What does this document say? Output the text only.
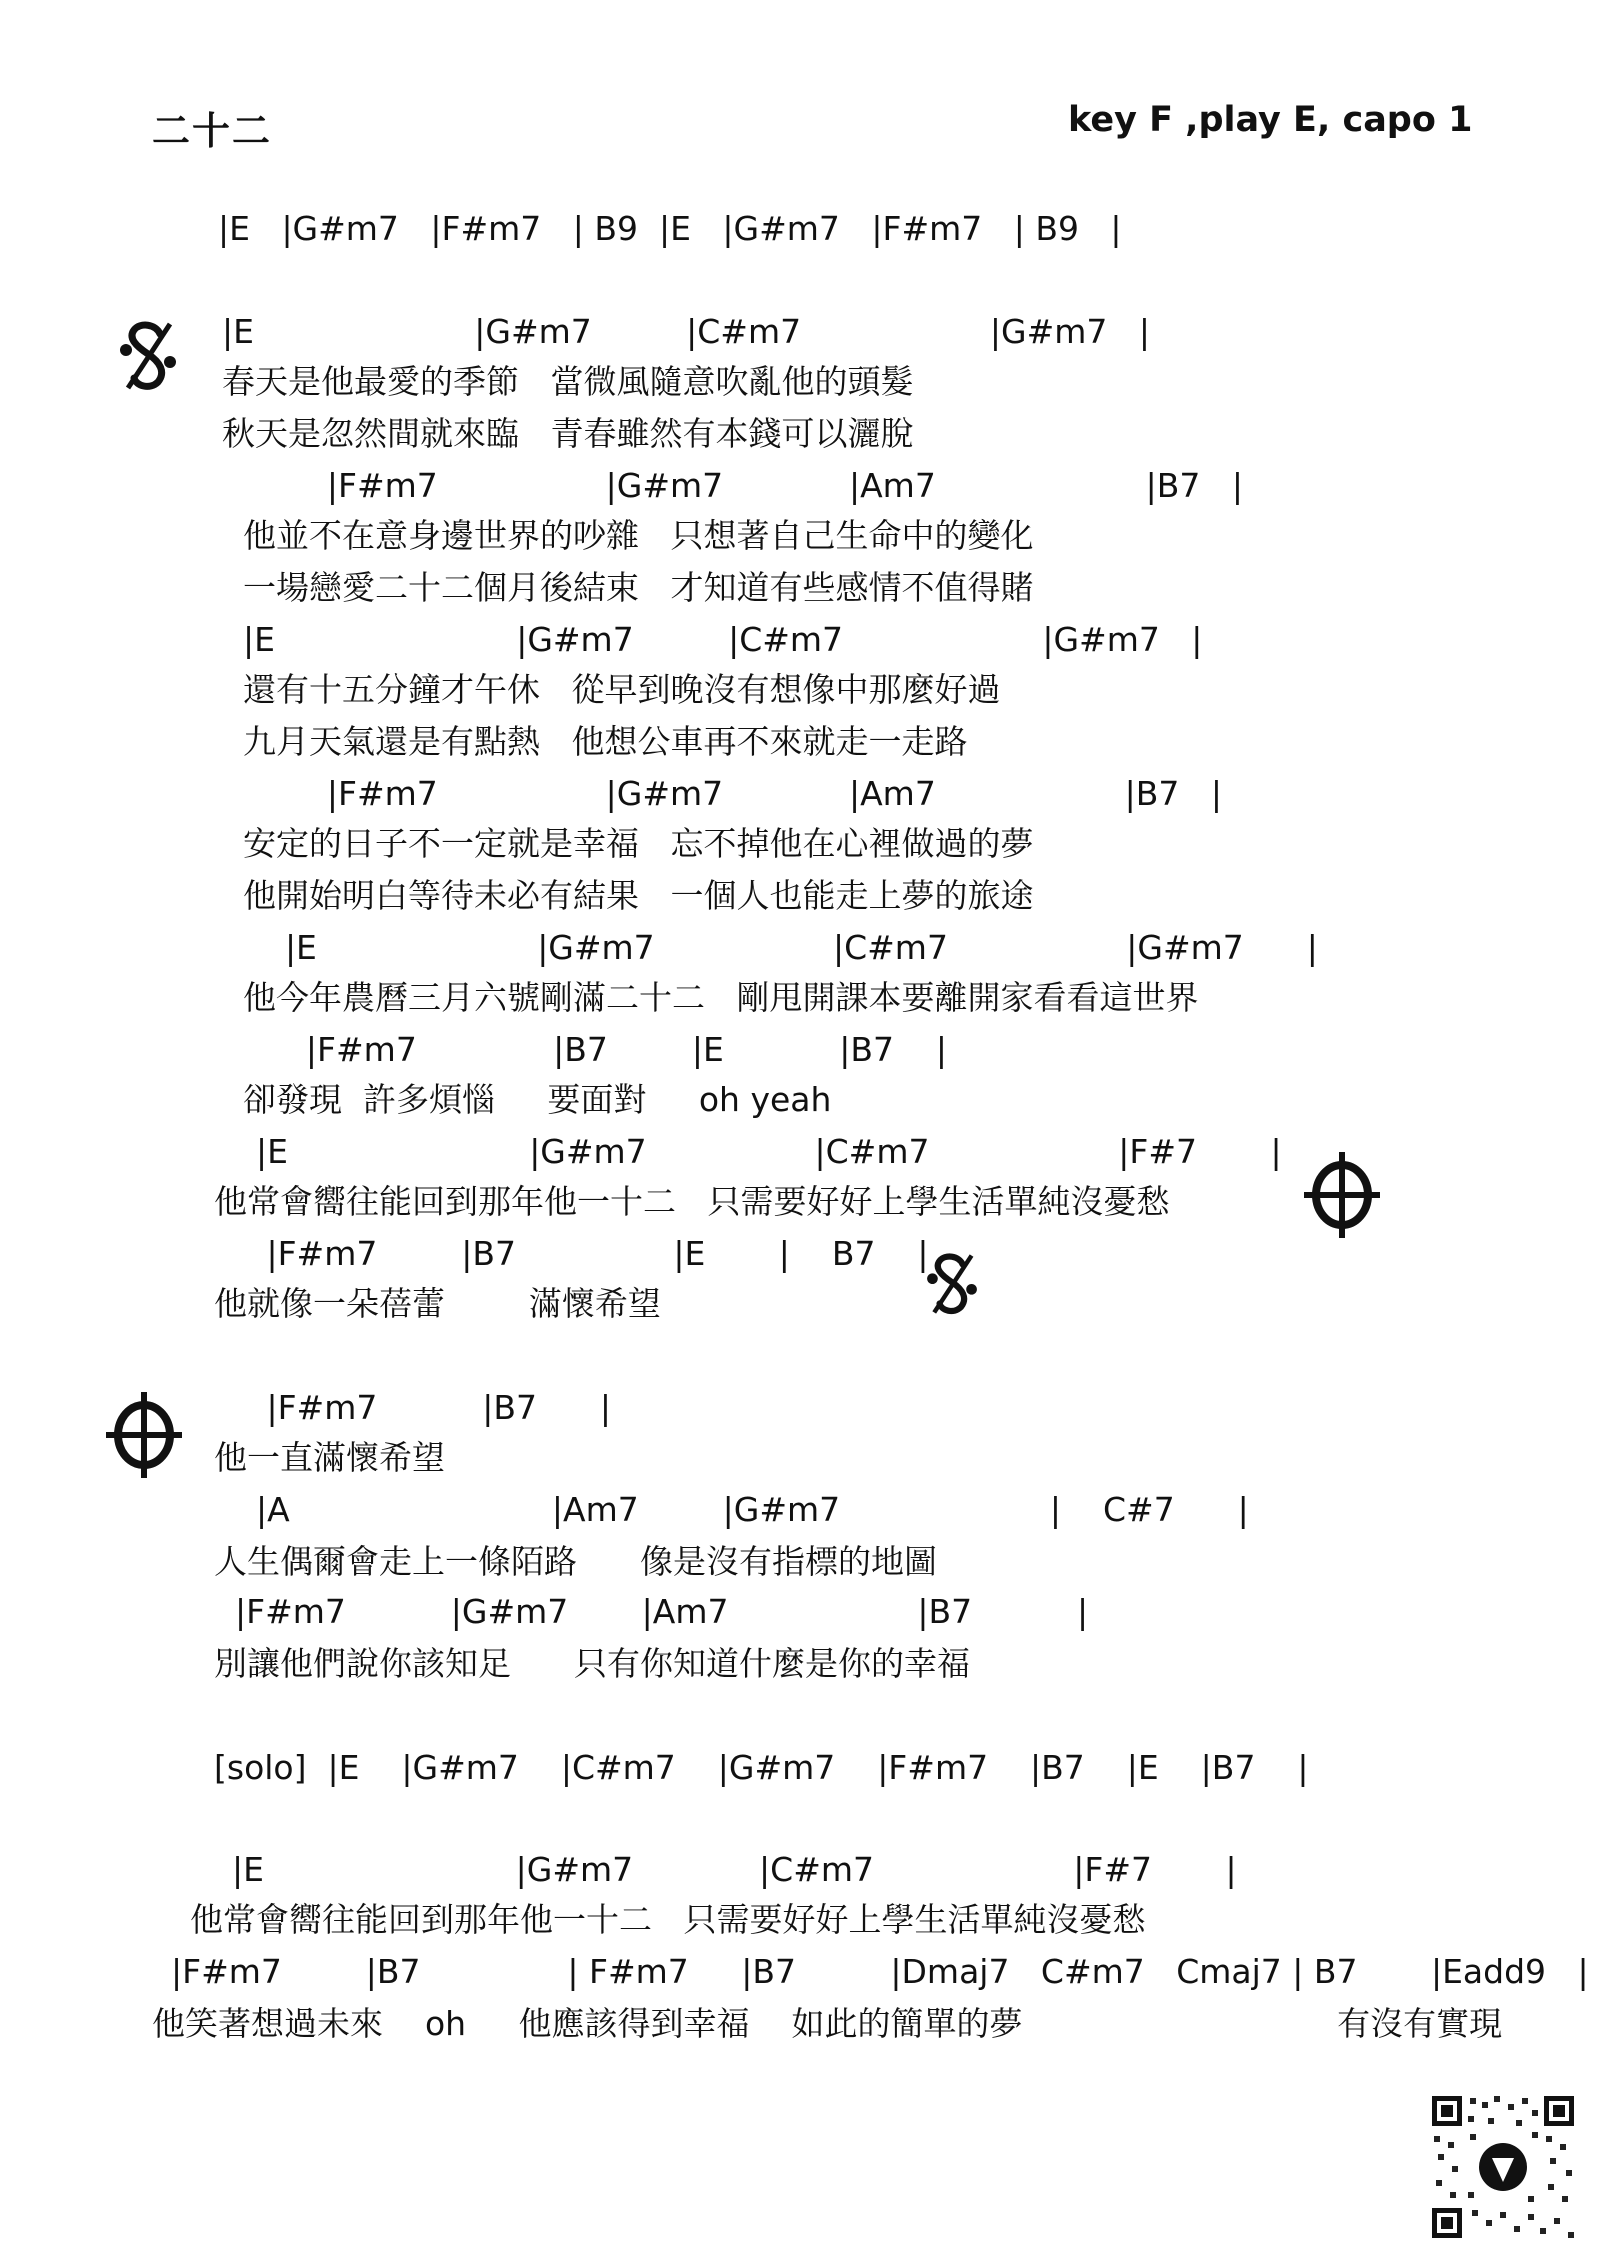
二十二	key F ,play E, capo 1
|E   |G#m7   |F#m7   | B9  |E   |G#m7   |F#m7   | B9   |
|E                     |G#m7         |C#m7                  |G#m7   |
春天是他最愛的季節   當微風隨意吹亂他的頭髮
秋天是忽然間就來臨   青春雖然有本錢可以灑脫
|F#m7                |G#m7            |Am7                    |B7   |
他並不在意身邊世界的吵雜   只想著自己生命中的變化
一場戀愛二十二個月後結束   才知道有些感情不值得賭
|E                       |G#m7         |C#m7                   |G#m7   |
還有十五分鐘才午休   從早到晚沒有想像中那麼好過
九月天氣還是有點熱   他想公車再不來就走一走路
|F#m7                |G#m7            |Am7                  |B7   |
安定的日子不一定就是幸福   忘不掉他在心裡做過的夢
他開始明白等待未必有結果   一個人也能走上夢的旅途
|E                     |G#m7                 |C#m7                 |G#m7      |
他今年農曆三月六號剛滿二十二   剛甩開課本要離開家看看這世界
|F#m7             |B7        |E           |B7    |
卻發現  許多煩惱     要面對     oh yeah
|E                       |G#m7                |C#m7                  |F#7       |
他常會嚮往能回到那年他一十二   只需要好好上學生活單純沒憂愁
|F#m7        |B7               |E       |    B7    |
他就像一朵蓓蕾        滿懷希望
|F#m7          |B7      |
他一直滿懷希望
|A                         |Am7        |G#m7                    |    C#7      |
人生偶爾會走上一條陌路      像是沒有指標的地圖
|F#m7          |G#m7       |Am7                  |B7          |
別讓他們說你該知足      只有你知道什麼是你的幸福
[solo]  |E    |G#m7    |C#m7    |G#m7    |F#m7    |B7    |E    |B7    |
|E                        |G#m7            |C#m7                   |F#7       |
他常會嚮往能回到那年他一十二   只需要好好上學生活單純沒憂愁
|F#m7        |B7              | F#m7     |B7         |Dmaj7   C#m7   Cmaj7 | B7       |Eadd9   |
他笑著想過未來    oh     他應該得到幸福    如此的簡單的夢                              有沒有實現
